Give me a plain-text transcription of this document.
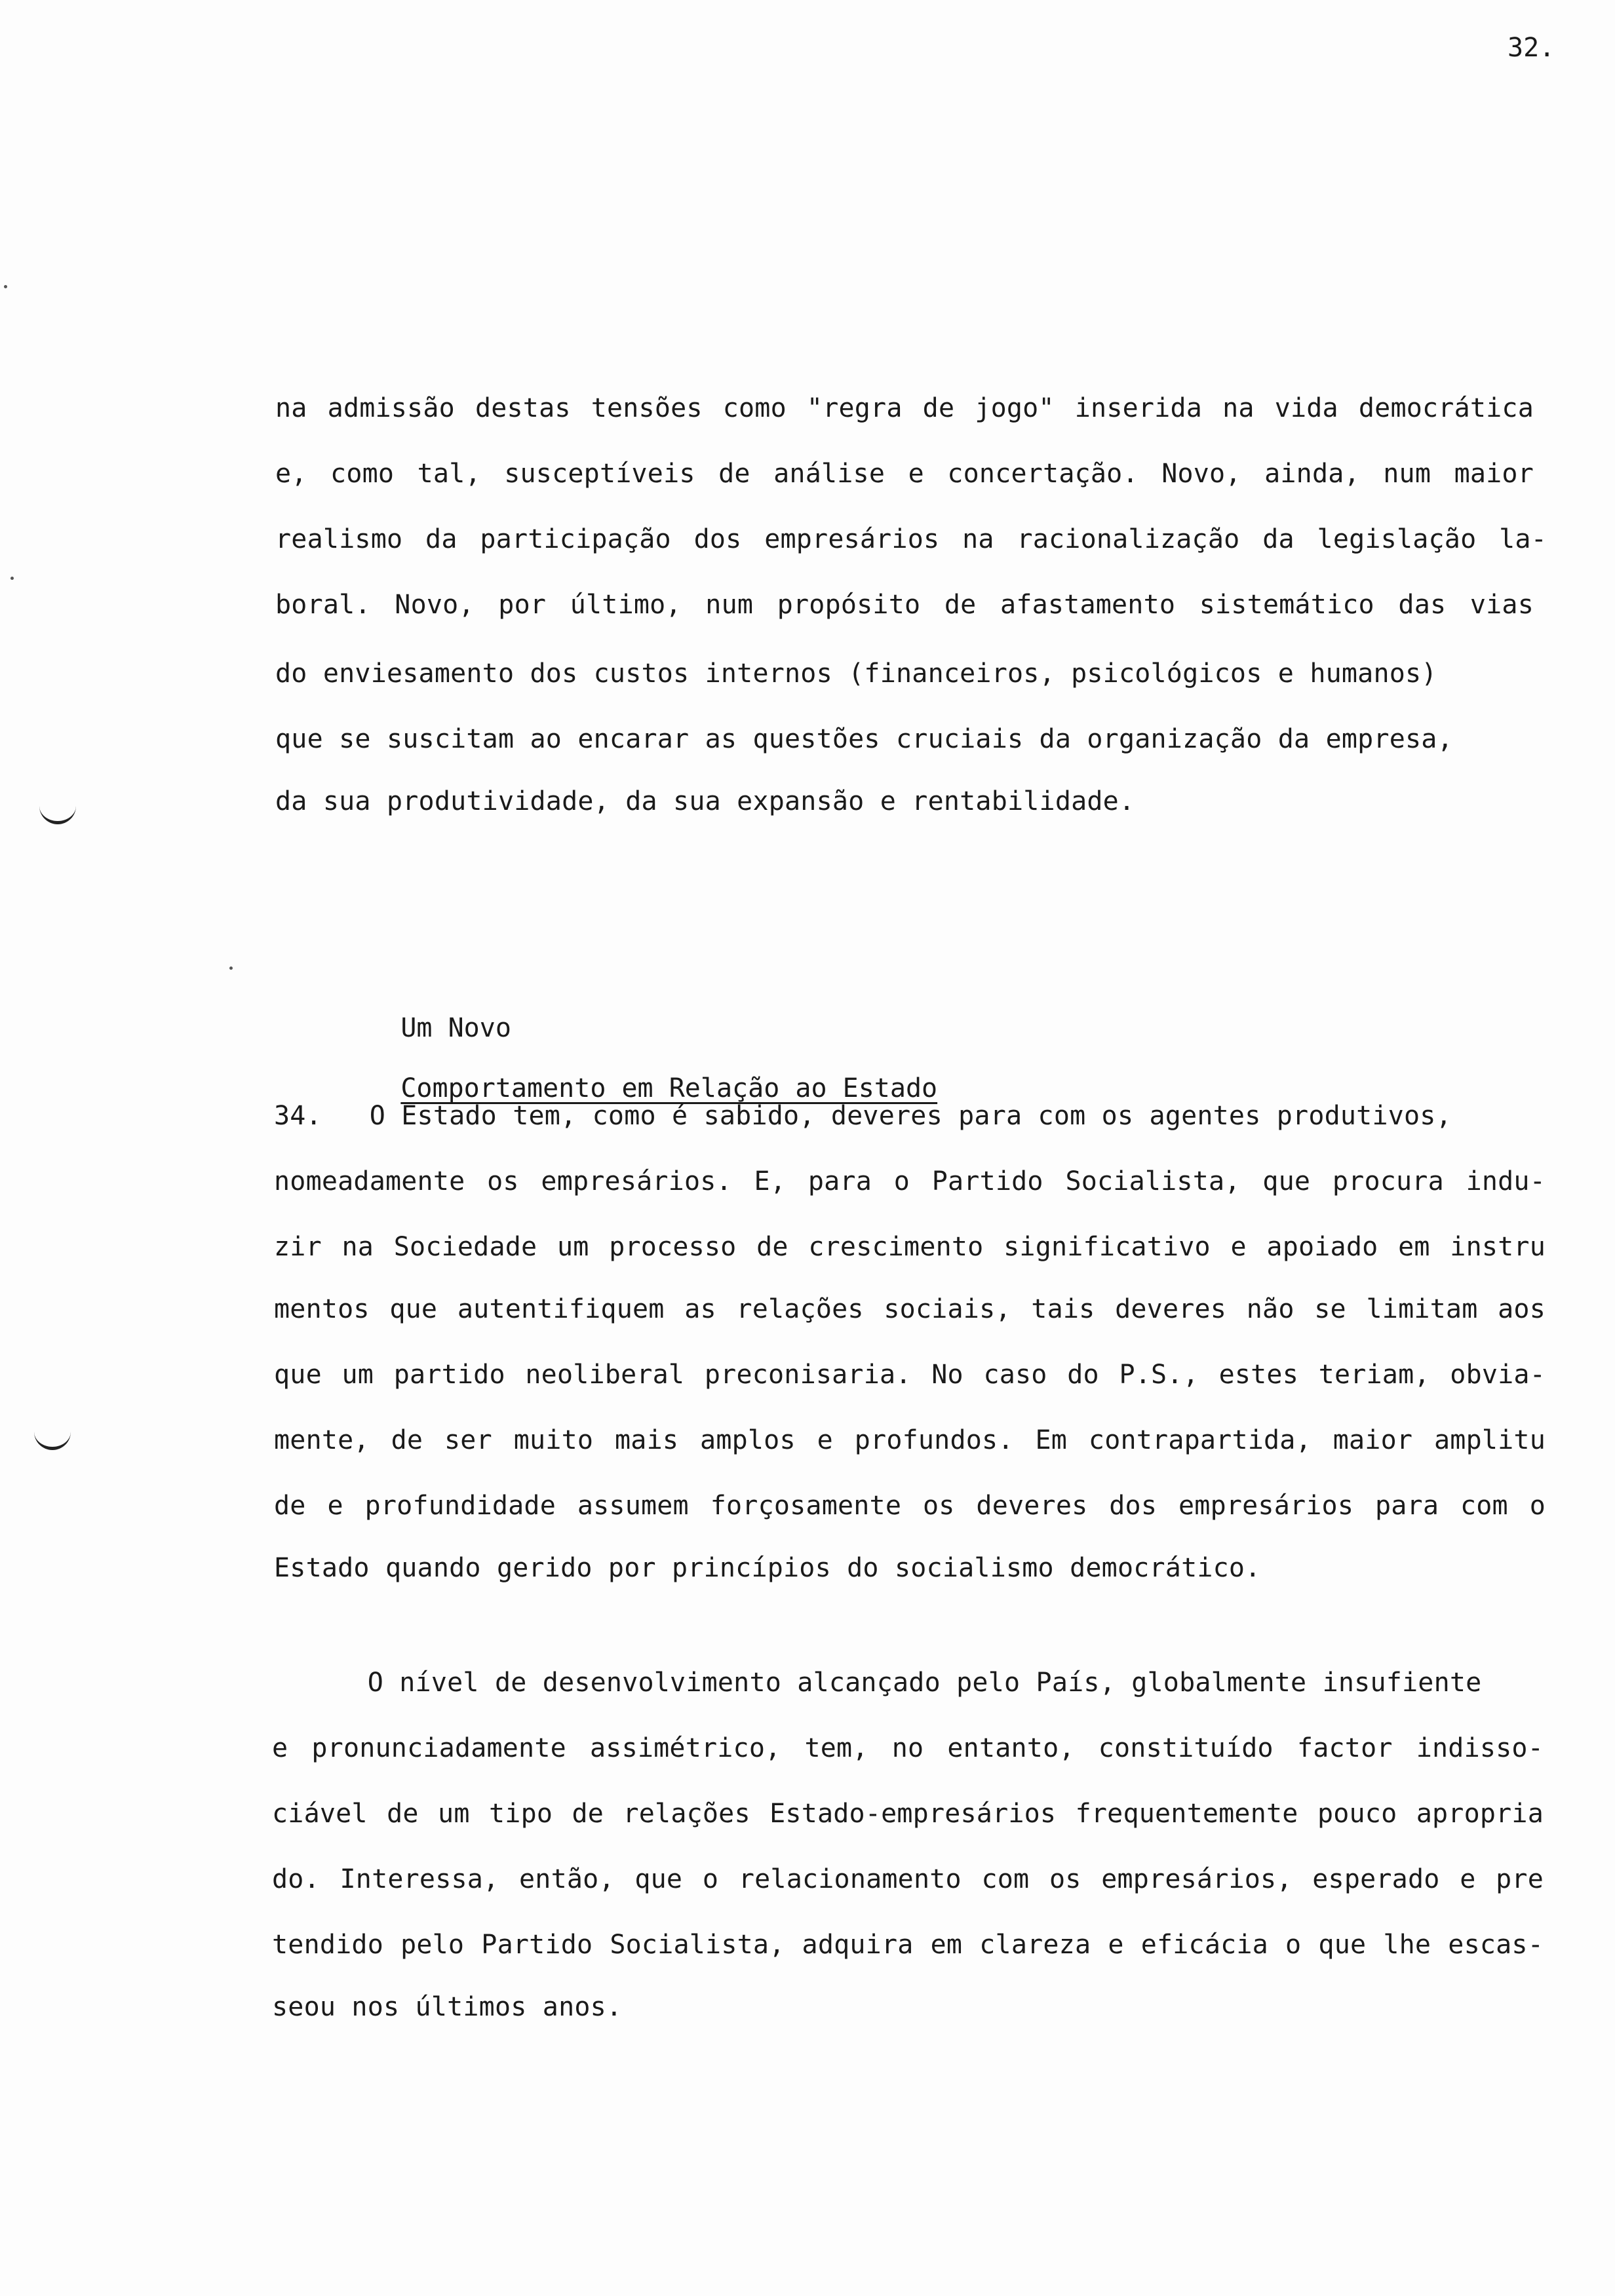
32.
na admissão destas tensões como "regra de jogo" inserida na vida democrática
e, como tal, susceptíveis de análise e concertação. Novo, ainda, num maior
realismo da participação dos empresários na racionalização da legislação la-
boral. Novo, por último, num propósito de afastamento sistemático das vias
do enviesamento dos custos internos (financeiros, psicológicos e humanos)
que se suscitam ao encarar as questões cruciais da organização da empresa,
da sua produtividade, da sua expansão e rentabilidade.

Um Novo

Comportamento em Relação ao Estado

34.   O Estado tem, como é sabido, deveres para com os agentes produtivos,
nomeadamente os empresários. E, para o Partido Socialista, que procura indu-
zir na Sociedade um processo de crescimento significativo e apoiado em instru
mentos que autentifiquem as relações sociais, tais deveres não se limitam aos
que um partido neoliberal preconisaria. No caso do P.S., estes teriam, obvia-
mente, de ser muito mais amplos e profundos. Em contrapartida, maior amplitu
de e profundidade assumem forçosamente os deveres dos empresários para com o
Estado quando gerido por princípios do socialismo democrático.
O nível de desenvolvimento alcançado pelo País, globalmente insufiente
e pronunciadamente assimétrico, tem, no entanto, constituído factor indisso-
ciável de um tipo de relações Estado-empresários frequentemente pouco apropria
do. Interessa, então, que o relacionamento com os empresários, esperado e pre
tendido pelo Partido Socialista, adquira em clareza e eficácia o que lhe escas-
seou nos últimos anos.
